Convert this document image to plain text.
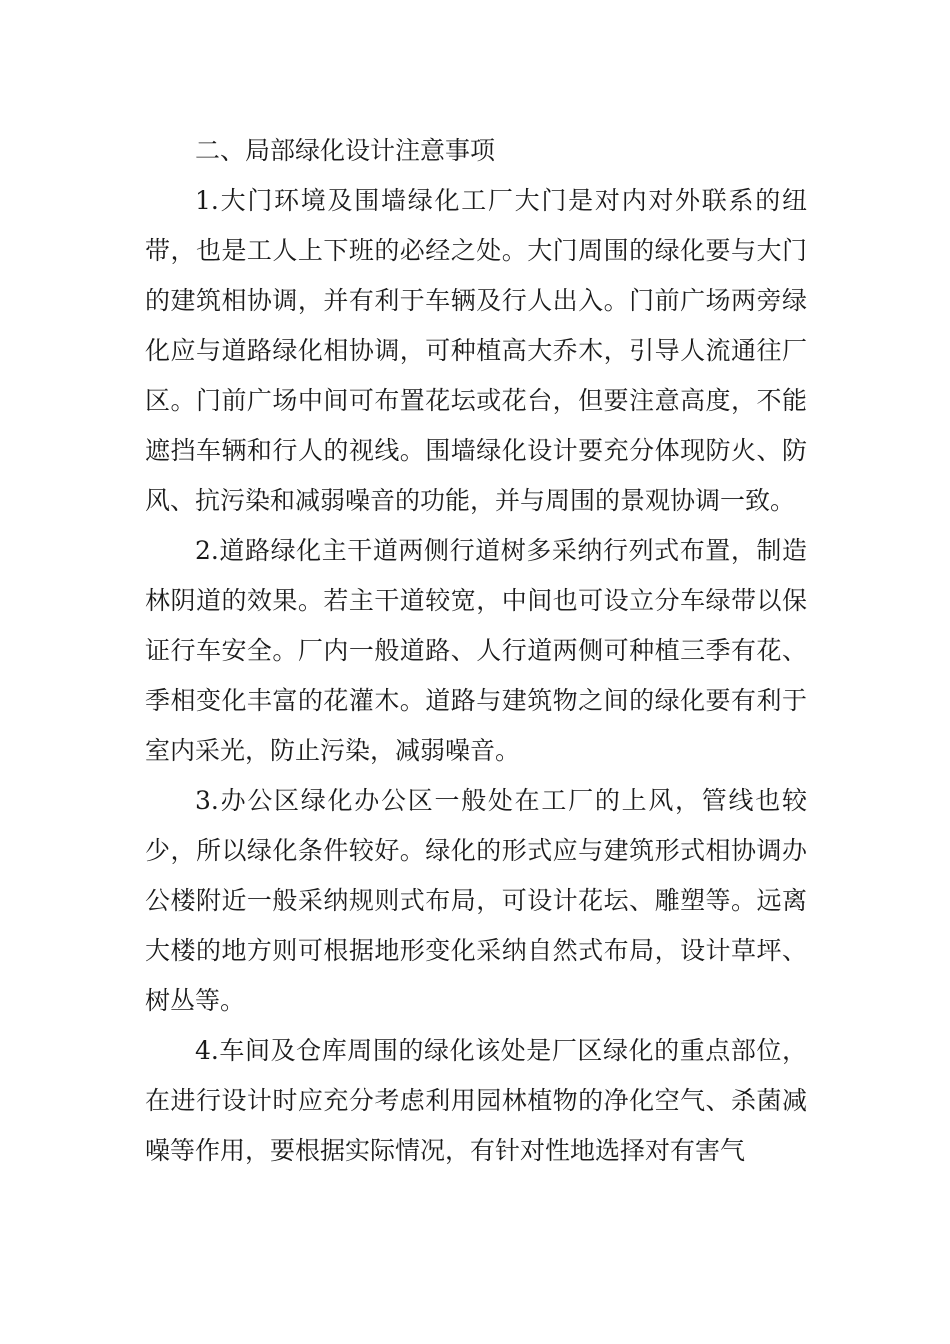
二、局部绿化设计注意事项

1.大门环境及围墙绿化工厂大门是对内对外联系的纽带，也是工人上下班的必经之处。大门周围的绿化要与大门的建筑相协调，并有利于车辆及行人出入。门前广场两旁绿化应与道路绿化相协调，可种植高大乔木，引导人流通往厂区。门前广场中间可布置花坛或花台，但要注意高度，不能遮挡车辆和行人的视线。围墙绿化设计要充分体现防火、防风、抗污染和减弱噪音的功能，并与周围的景观协调一致。

2.道路绿化主干道两侧行道树多采纳行列式布置，制造林阴道的效果。若主干道较宽，中间也可设立分车绿带以保证行车安全。厂内一般道路、人行道两侧可种植三季有花、季相变化丰富的花灌木。道路与建筑物之间的绿化要有利于室内采光，防止污染，减弱噪音。

3.办公区绿化办公区一般处在工厂的上风，管线也较少，所以绿化条件较好。绿化的形式应与建筑形式相协调办公楼附近一般采纳规则式布局，可设计花坛、雕塑等。远离大楼的地方则可根据地形变化采纳自然式布局，设计草坪、树丛等。

4.车间及仓库周围的绿化该处是厂区绿化的重点部位，在进行设计时应充分考虑利用园林植物的净化空气、杀菌减噪等作用，要根据实际情况，有针对性地选择对有害气
